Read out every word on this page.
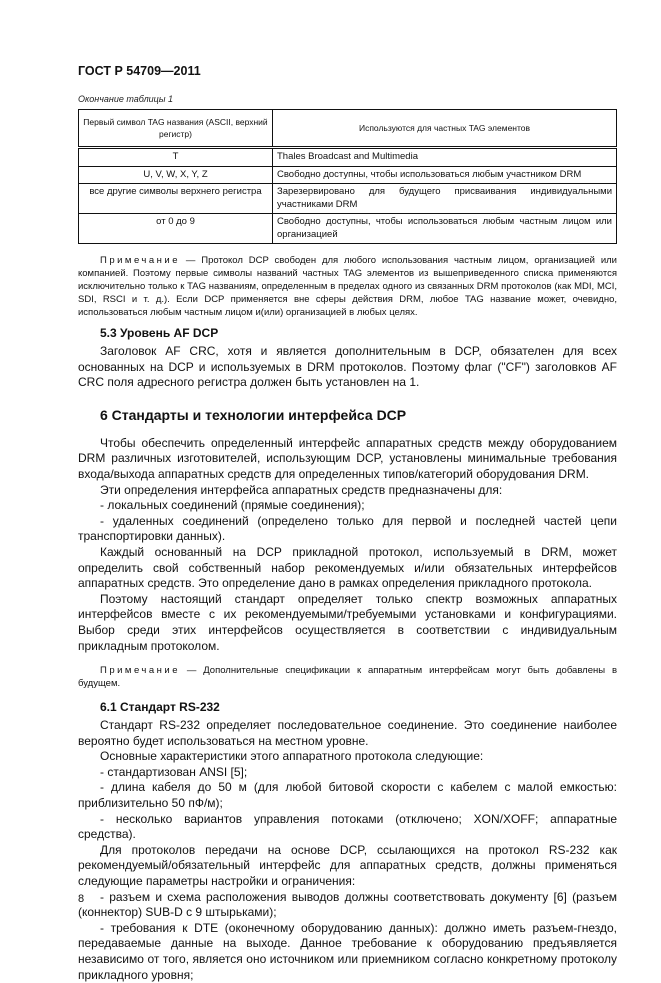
ГОСТ Р 54709—2011
Окончание таблицы 1
Первый символ TAG названия (ASCII, верхний регистр)	Используются для частных TAG элементов
T	Thales Broadcast and Multimedia
U, V, W, X, Y, Z	Свободно доступны, чтобы использоваться любым участником DRM
все другие символы верхнего регистра	Зарезервировано для будущего присваивания индивидуальными участниками DRM
от 0 до 9	Свободно доступны, чтобы использоваться любым частным лицом или организацией
Примечание — Протокол DCP свободен для любого использования частным лицом, организацией или компанией. Поэтому первые символы названий частных TAG элементов из вышеприведенного списка применяются исключительно только к TAG названиям, определенным в пределах одного из связанных DRM протоколов (как MDI, MCI, SDI, RSCI и т. д.). Если DCP применяется вне сферы действия DRM, любое TAG название может, очевидно, использоваться любым частным лицом и(или) организацией в любых целях.
5.3 Уровень AF DCP

Заголовок AF CRC, хотя и является дополнительным в DCP, обязателен для всех основанных на DCP и используемых в DRM протоколов. Поэтому флаг ("CF") заголовков AF CRC поля адресного регистра должен быть установлен на 1.

6 Стандарты и технологии интерфейса DCP

Чтобы обеспечить определенный интерфейс аппаратных средств между оборудованием DRM различных изготовителей, использующим DCP, установлены минимальные требования входа/выхода аппаратных средств для определенных типов/категорий оборудования DRM.

Эти определения интерфейса аппаратных средств предназначены для:

- локальных соединений (прямые соединения);

- удаленных соединений (определено только для первой и последней частей цепи транспортировки данных).

Каждый основанный на DCP прикладной протокол, используемый в DRM, может определить свой собственный набор рекомендуемых и/или обязательных интерфейсов аппаратных средств. Это определение дано в рамках определения прикладного протокола.

Поэтому настоящий стандарт определяет только спектр возможных аппаратных интерфейсов вместе с их рекомендуемыми/требуемыми установками и конфигурациями. Выбор среди этих интерфейсов осуществляется в соответствии с индивидуальным прикладным протоколом.

Примечание — Дополнительные спецификации к аппаратным интерфейсам могут быть добавлены в будущем.
6.1 Стандарт RS-232

Стандарт RS-232 определяет последовательное соединение. Это соединение наиболее вероятно будет использоваться на местном уровне.

Основные характеристики этого аппаратного протокола следующие:

- стандартизован ANSI [5];

- длина кабеля до 50 м (для любой битовой скорости с кабелем с малой емкостью: приблизительно 50 пФ/м);

- несколько вариантов управления потоками (отключено; XON/XOFF; аппаратные средства).

Для протоколов передачи на основе DCP, ссылающихся на протокол RS-232 как рекомендуемый/обязательный интерфейс для аппаратных средств, должны применяться следующие параметры настройки и ограничения:

- разъем и схема расположения выводов должны соответствовать документу [6] (разъем (коннектор) SUB-D с 9 штырьками);

- требования к DTE (оконечному оборудованию данных): должно иметь разъем-гнездо, передаваемые данные на выходе. Данное требование к оборудованию предъявляется независимо от того, является оно источником или приемником согласно конкретному протоколу прикладного уровня;

8
